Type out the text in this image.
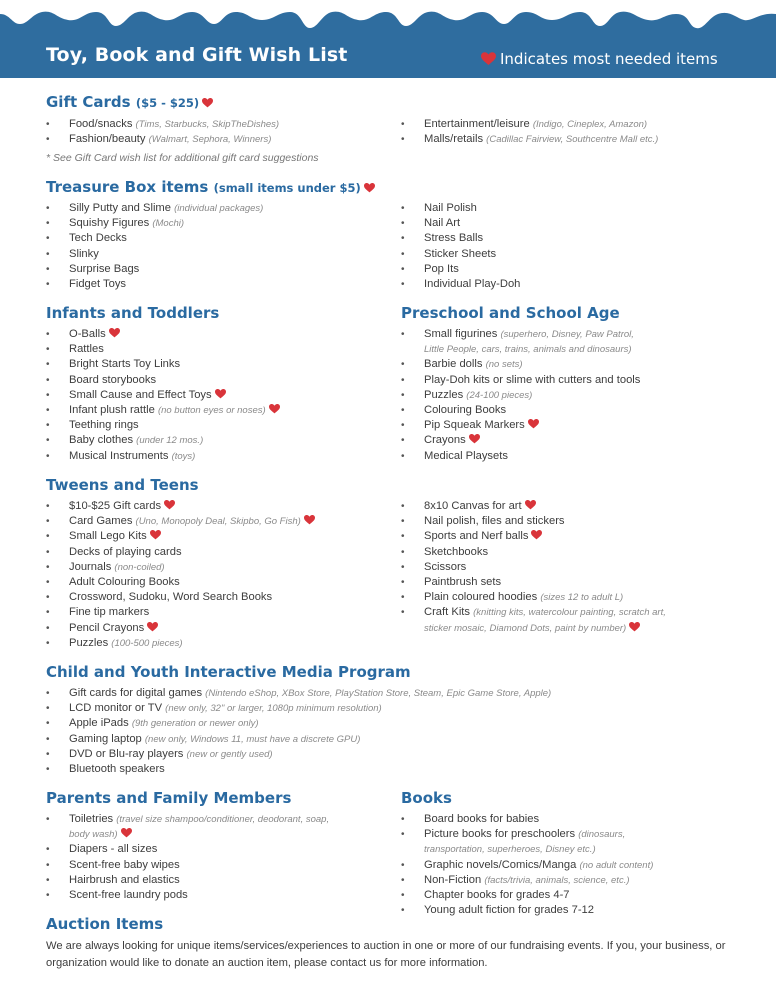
Toy, Book and Gift Wish List	Indicates most needed items
Gift Cards ($5 - $25)
• Food/snacks (Tims, Starbucks, SkipTheDishes)
• Fashion/beauty (Walmart, Sephora, Winners)
• Entertainment/leisure (Indigo, Cineplex, Amazon)
• Malls/retails (Cadillac Fairview, Southcentre Mall etc.)
* See Gift Card wish list for additional gift card suggestions
Treasure Box items (small items under $5)
• Silly Putty and Slime (individual packages)
• Squishy Figures (Mochi)
• Tech Decks
• Slinky
• Surprise Bags
• Fidget Toys
• Nail Polish
• Nail Art
• Stress Balls
• Sticker Sheets
• Pop Its
• Individual Play-Doh
Infants and Toddlers
• O-Balls
• Rattles
• Bright Starts Toy Links
• Board storybooks
• Small Cause and Effect Toys
• Infant plush rattle (no button eyes or noses)
• Teething rings
• Baby clothes (under 12 mos.)
• Musical Instruments (toys)
Preschool and School Age
• Small figurines (superhero, Disney, Paw Patrol,
Little People, cars, trains, animals and dinosaurs)
• Barbie dolls (no sets)
• Play-Doh kits or slime with cutters and tools
• Puzzles (24-100 pieces)
• Colouring Books
• Pip Squeak Markers
• Crayons
• Medical Playsets
Tweens and Teens
• $10-$25 Gift cards
• Card Games (Uno, Monopoly Deal, Skipbo, Go Fish)
• Small Lego Kits
• Decks of playing cards
• Journals (non-coiled)
• Adult Colouring Books
• Crossword, Sudoku, Word Search Books
• Fine tip markers
• Pencil Crayons
• Puzzles (100-500 pieces)
• 8x10 Canvas for art
• Nail polish, files and stickers
• Sports and Nerf balls
• Sketchbooks
• Scissors
• Paintbrush sets
• Plain coloured hoodies (sizes 12 to adult L)
• Craft Kits (knitting kits, watercolour painting, scratch art,
sticker mosaic, Diamond Dots, paint by number)
Child and Youth Interactive Media Program
• Gift cards for digital games (Nintendo eShop, XBox Store, PlayStation Store, Steam, Epic Game Store, Apple)
• LCD monitor or TV (new only, 32" or larger, 1080p minimum resolution)
• Apple iPads (9th generation or newer only)
• Gaming laptop (new only, Windows 11, must have a discrete GPU)
• DVD or Blu-ray players (new or gently used)
• Bluetooth speakers
Parents and Family Members
• Toiletries (travel size shampoo/conditioner, deodorant, soap,
body wash)
• Diapers - all sizes
• Scent-free baby wipes
• Hairbrush and elastics
• Scent-free laundry pods
Books
• Board books for babies
• Picture books for preschoolers (dinosaurs,
transportation, superheroes, Disney etc.)
• Graphic novels/Comics/Manga (no adult content)
• Non-Fiction (facts/trivia, animals, science, etc.)
• Chapter books for grades 4-7
• Young adult fiction for grades 7-12
Auction Items
We are always looking for unique items/services/experiences to auction in one or more of our fundraising events. If you, your business, or organization would like to donate an auction item, please contact us for more information.
